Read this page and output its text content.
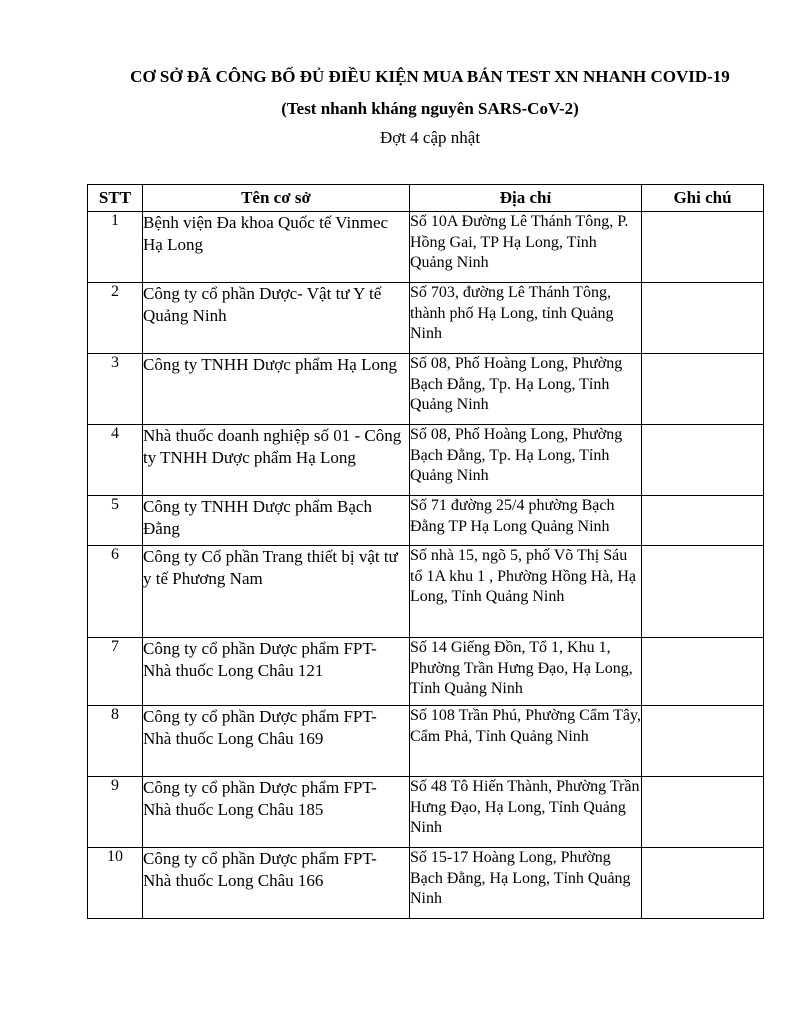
CƠ SỞ ĐÃ CÔNG BỐ ĐỦ ĐIỀU KIỆN MUA BÁN TEST XN NHANH COVID-19
(Test nhanh kháng nguyên SARS-CoV-2)
Đợt 4 cập nhật
STT	Tên cơ sở	Địa chỉ	Ghi chú
1	Bệnh viện Đa khoa Quốc tế Vinmec Hạ Long	Số 10A Đường Lê Thánh Tông, P. Hồng Gai, TP Hạ Long, Tỉnh Quảng Ninh	
2	Công ty cổ phần Dược- Vật tư Y tế Quảng Ninh	Số 703, đường Lê Thánh Tông, thành phố Hạ Long, tỉnh Quảng Ninh	
3	Công ty TNHH Dược phẩm Hạ Long	Số 08, Phố Hoàng Long, Phường Bạch Đằng, Tp. Hạ Long, Tỉnh Quảng Ninh	
4	Nhà thuốc doanh nghiệp số 01 - Công ty TNHH Dược phẩm Hạ Long	Số 08, Phố Hoàng Long, Phường Bạch Đằng, Tp. Hạ Long, Tỉnh Quảng Ninh	
5	Công ty TNHH Dược phẩm Bạch Đằng	Số 71 đường 25/4 phường Bạch Đằng TP Hạ Long Quảng Ninh	
6	Công ty Cổ phần Trang thiết bị vật tư y tế Phương Nam	Số nhà 15, ngõ 5, phố Võ Thị Sáu tổ 1A khu 1 , Phường Hồng Hà, Hạ Long, Tỉnh Quảng Ninh	
7	Công ty cổ phần Dược phẩm FPT- Nhà thuốc Long Châu 121	Số 14 Giếng Đồn, Tổ 1, Khu 1, Phường Trần Hưng Đạo, Hạ Long, Tỉnh Quảng Ninh	
8	Công ty cổ phần Dược phẩm FPT- Nhà thuốc Long Châu 169	Số 108 Trần Phú, Phường Cẩm Tây, Cẩm Phả, Tỉnh Quảng Ninh	
9	Công ty cổ phần Dược phẩm FPT- Nhà thuốc Long Châu 185	Số 48 Tô Hiến Thành, Phường Trần Hưng Đạo, Hạ Long, Tỉnh Quảng Ninh	
10	Công ty cổ phần Dược phẩm FPT- Nhà thuốc Long Châu 166	Số 15-17 Hoàng Long, Phường Bạch Đằng, Hạ Long, Tỉnh Quảng Ninh	
